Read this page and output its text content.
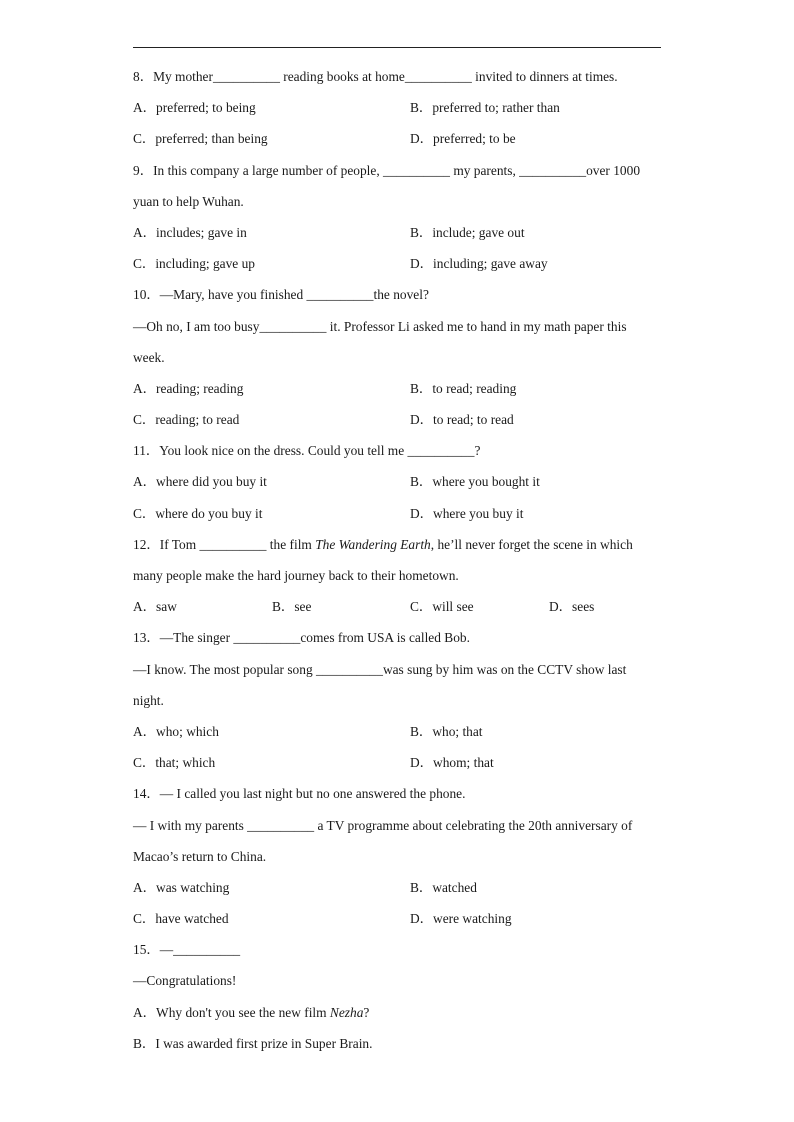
8．My mother__________ reading books at home__________ invited to dinners at times.
A．preferred; to being	B．preferred to; rather than
C．preferred; than being	D．preferred; to be
9．In this company a large number of people, __________ my parents, __________over 1000
yuan to help Wuhan.
A．includes; gave in	B．include; gave out
C．including; gave up	D．including; gave away
10．—Mary, have you finished __________the novel?
—Oh no, I am too busy__________ it. Professor Li asked me to hand in my math paper this
week.
A．reading; reading	B．to read; reading
C．reading; to read	D．to read; to read
11．You look nice on the dress. Could you tell me __________?
A．where did you buy it	B．where you bought it
C．where do you buy it	D．where you buy it
12．If Tom __________ the film The Wandering Earth, he’ll never forget the scene in which
many people make the hard journey back to their hometown.
A．saw	B．see	C．will see	D．sees
13．—The singer __________comes from USA is called Bob.
—I know. The most popular song __________was sung by him was on the CCTV show last
night.
A．who; which	B．who; that
C．that; which	D．whom; that
14．— I called you last night but no one answered the phone.
— I with my parents __________ a TV programme about celebrating the 20th anniversary of
Macao’s return to China.
A．was watching	B．watched
C．have watched	D．were watching
15．—__________
—Congratulations!
A．Why don't you see the new film Nezha?
B．I was awarded first prize in Super Brain.
